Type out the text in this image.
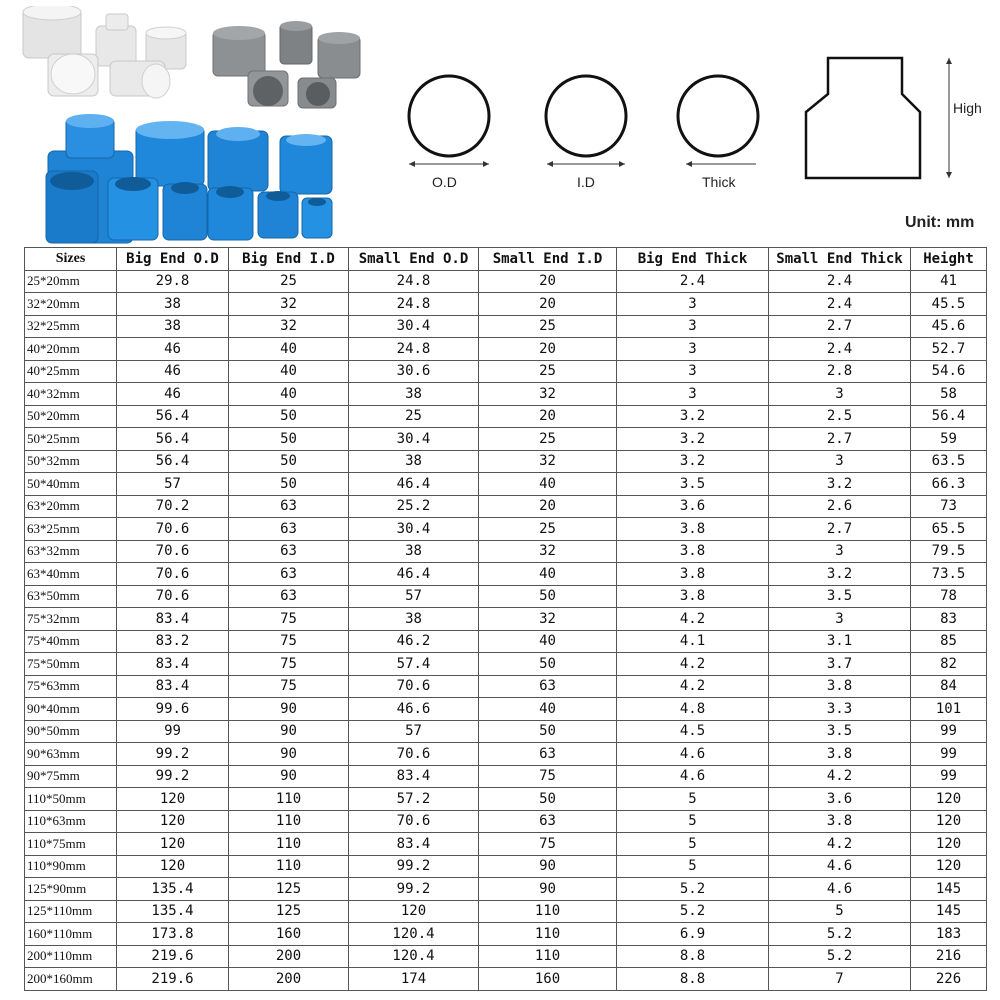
O.D	I.D	Thick
High
Unit: mm
Sizes	Big End O.D	Big End I.D	Small End O.D	Small End I.D	Big End Thick	Small End Thick	Height
25*20mm	29.8	25	24.8	20	2.4	2.4	41
32*20mm	38	32	24.8	20	3	2.4	45.5
32*25mm	38	32	30.4	25	3	2.7	45.6
40*20mm	46	40	24.8	20	3	2.4	52.7
40*25mm	46	40	30.6	25	3	2.8	54.6
40*32mm	46	40	38	32	3	3	58
50*20mm	56.4	50	25	20	3.2	2.5	56.4
50*25mm	56.4	50	30.4	25	3.2	2.7	59
50*32mm	56.4	50	38	32	3.2	3	63.5
50*40mm	57	50	46.4	40	3.5	3.2	66.3
63*20mm	70.2	63	25.2	20	3.6	2.6	73
63*25mm	70.6	63	30.4	25	3.8	2.7	65.5
63*32mm	70.6	63	38	32	3.8	3	79.5
63*40mm	70.6	63	46.4	40	3.8	3.2	73.5
63*50mm	70.6	63	57	50	3.8	3.5	78
75*32mm	83.4	75	38	32	4.2	3	83
75*40mm	83.2	75	46.2	40	4.1	3.1	85
75*50mm	83.4	75	57.4	50	4.2	3.7	82
75*63mm	83.4	75	70.6	63	4.2	3.8	84
90*40mm	99.6	90	46.6	40	4.8	3.3	101
90*50mm	99	90	57	50	4.5	3.5	99
90*63mm	99.2	90	70.6	63	4.6	3.8	99
90*75mm	99.2	90	83.4	75	4.6	4.2	99
110*50mm	120	110	57.2	50	5	3.6	120
110*63mm	120	110	70.6	63	5	3.8	120
110*75mm	120	110	83.4	75	5	4.2	120
110*90mm	120	110	99.2	90	5	4.6	120
125*90mm	135.4	125	99.2	90	5.2	4.6	145
125*110mm	135.4	125	120	110	5.2	5	145
160*110mm	173.8	160	120.4	110	6.9	5.2	183
200*110mm	219.6	200	120.4	110	8.8	5.2	216
200*160mm	219.6	200	174	160	8.8	7	226
